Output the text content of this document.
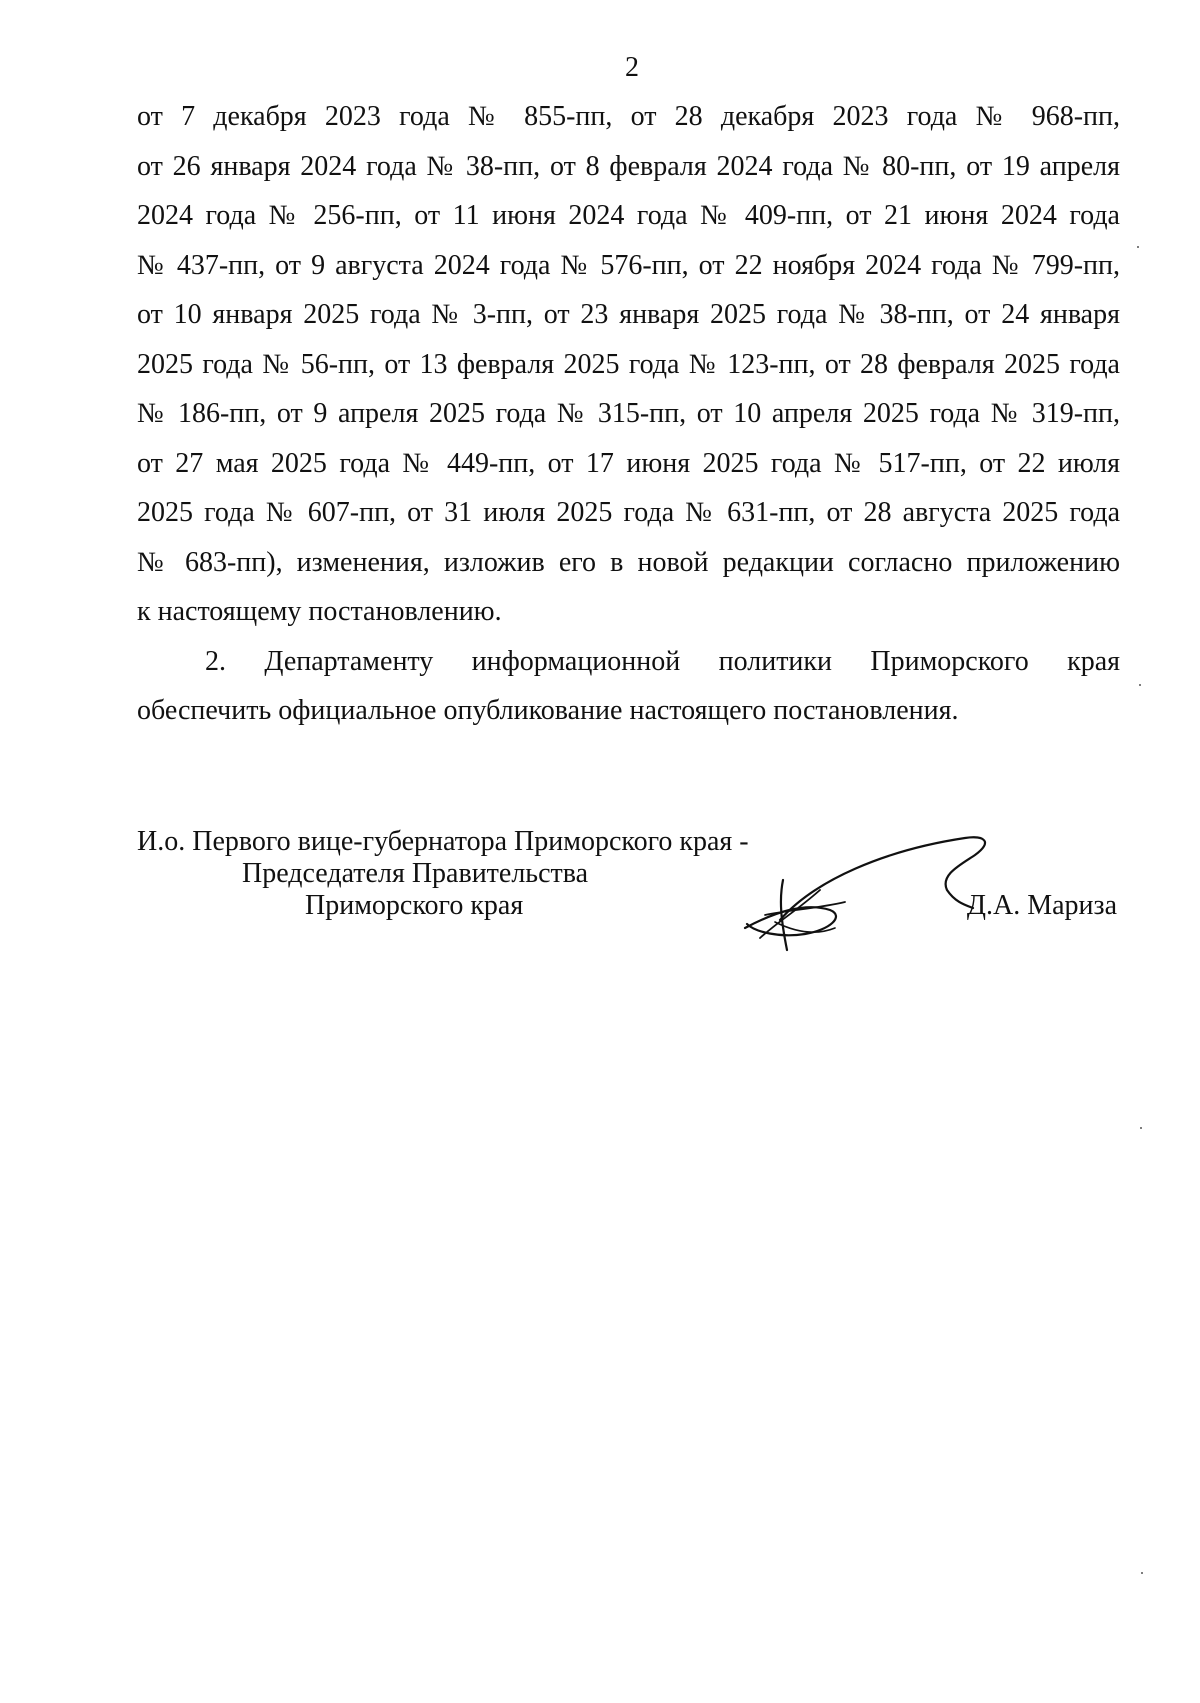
2
от 7 декабря 2023 года № 855-пп, от 28 декабря 2023 года № 968-пп,
от 26 января 2024 года № 38-пп, от 8 февраля 2024 года № 80-пп, от 19 апреля
2024 года № 256-пп, от 11 июня 2024 года № 409-пп, от 21 июня 2024 года
№ 437-пп, от 9 августа 2024 года № 576-пп, от 22 ноября 2024 года № 799-пп,
от 10 января 2025 года № 3-пп, от 23 января 2025 года № 38-пп, от 24 января
2025 года № 56-пп, от 13 февраля 2025 года № 123-пп, от 28 февраля 2025 года
№ 186-пп, от 9 апреля 2025 года № 315-пп, от 10 апреля 2025 года № 319-пп,
от 27 мая 2025 года № 449-пп, от 17 июня 2025 года № 517-пп, от 22 июля
2025 года № 607-пп, от 31 июля 2025 года № 631-пп, от 28 августа 2025 года
№ 683-пп), изменения, изложив его в новой редакции согласно приложению
к настоящему постановлению.
2. Департаменту информационной политики Приморского края
обеспечить официальное опубликование настоящего постановления.
И.о. Первого вице-губернатора Приморского края -
Председателя Правительства
Приморского края	Д.А. Мариза
